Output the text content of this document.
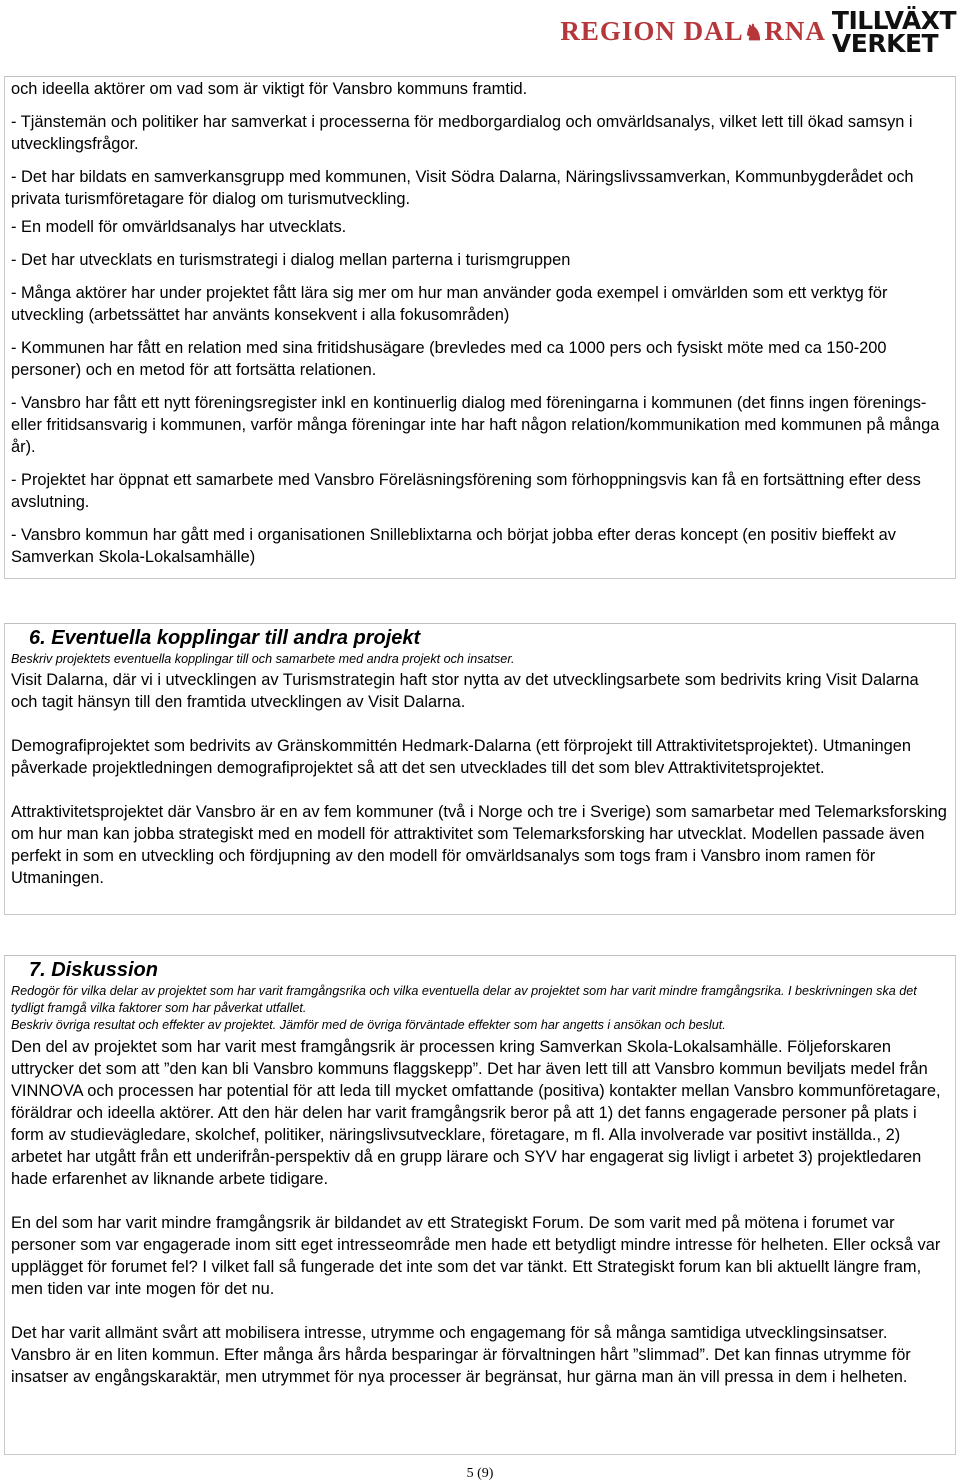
REGION DAL♞RNA TILLVÄXT
VERKET

och ideella aktörer om vad som är viktigt för Vansbro kommuns framtid.

- Tjänstemän och politiker har samverkat i processerna för medborgardialog och omvärldsanalys, vilket lett till ökad samsyn i utvecklingsfrågor.

- Det har bildats en samverkansgrupp med kommunen, Visit Södra Dalarna, Näringslivssamverkan, Kommunbygderådet och privata turismföretagare för dialog om turismutveckling.

- En modell för omvärldsanalys har utvecklats.

- Det har utvecklats en turismstrategi i dialog mellan parterna i turismgruppen

- Många aktörer har under projektet fått lära sig mer om hur man använder goda exempel i omvärlden som ett verktyg för utveckling (arbetssättet har använts konsekvent i alla fokusområden)

- Kommunen har fått en relation med sina fritidshusägare (brevledes med ca 1000 pers och fysiskt möte med ca 150-200 personer) och en metod för att fortsätta relationen.

- Vansbro har fått ett nytt föreningsregister inkl en kontinuerlig dialog med föreningarna i kommunen (det finns ingen förenings- eller fritidsansvarig i kommunen, varför många föreningar inte har haft någon relation/kommunikation med kommunen på många år).

- Projektet har öppnat ett samarbete med Vansbro Föreläsningsförening som förhoppningsvis kan få en fortsättning efter dess avslutning.

- Vansbro kommun har gått med i organisationen Snilleblixtarna och börjat jobba efter deras koncept (en positiv bieffekt av Samverkan Skola-Lokalsamhälle)

6. Eventuella kopplingar till andra projekt

Beskriv projektets eventuella kopplingar till och samarbete med andra projekt och insatser.

Visit Dalarna, där vi i utvecklingen av Turismstrategin haft stor nytta av det utvecklingsarbete som bedrivits kring Visit Dalarna och tagit hänsyn till den framtida utvecklingen av Visit Dalarna.

Demografiprojektet som bedrivits av Gränskommittén Hedmark-Dalarna (ett förprojekt till Attraktivitetsprojektet). Utmaningen påverkade projektledningen demografiprojektet så att det sen utvecklades till det som blev Attraktivitetsprojektet.

Attraktivitetsprojektet där Vansbro är en av fem kommuner (två i Norge och tre i Sverige) som samarbetar med Telemarksforsking om hur man kan jobba strategiskt med en modell för attraktivitet som Telemarksforsking har utvecklat. Modellen passade även perfekt in som en utveckling och fördjupning av den modell för omvärldsanalys som togs fram i Vansbro inom ramen för Utmaningen.

7. Diskussion

Redogör för vilka delar av projektet som har varit framgångsrika och vilka eventuella delar av projektet som har varit mindre framgångsrika. I beskrivningen ska det tydligt framgå vilka faktorer som har påverkat utfallet.

Beskriv övriga resultat och effekter av projektet. Jämför med de övriga förväntade effekter som har angetts i ansökan och beslut.

Den del av projektet som har varit mest framgångsrik är processen kring Samverkan Skola-Lokalsamhälle. Följeforskaren uttrycker det som att ”den kan bli Vansbro kommuns flaggskepp”. Det har även lett till att Vansbro kommun beviljats medel från VINNOVA och processen har potential för att leda till mycket omfattande (positiva) kontakter mellan Vansbro kommunföretagare, föräldrar och ideella aktörer. Att den här delen har varit framgångsrik beror på att 1) det fanns engagerade personer på plats i form av studievägledare, skolchef, politiker, näringslivsutvecklare, företagare, m fl. Alla involverade var positivt inställda., 2) arbetet har utgått från ett underifrån-perspektiv då en grupp lärare och SYV har engagerat sig livligt i arbetet 3) projektledaren hade erfarenhet av liknande arbete tidigare.

En del som har varit mindre framgångsrik är bildandet av ett Strategiskt Forum. De som varit med på mötena i forumet var personer som var engagerade inom sitt eget intresseområde men hade ett betydligt mindre intresse för helheten. Eller också var upplägget för forumet fel? I vilket fall så fungerade det inte som det var tänkt. Ett Strategiskt forum kan bli aktuellt längre fram, men tiden var inte mogen för det nu.

Det har varit allmänt svårt att mobilisera intresse, utrymme och engagemang för så många samtidiga utvecklingsinsatser. Vansbro är en liten kommun. Efter många års hårda besparingar är förvaltningen hårt ”slimmad”. Det kan finnas utrymme för insatser av engångskaraktär, men utrymmet för nya processer är begränsat, hur gärna man än vill pressa in dem i helheten.

5 (9)
